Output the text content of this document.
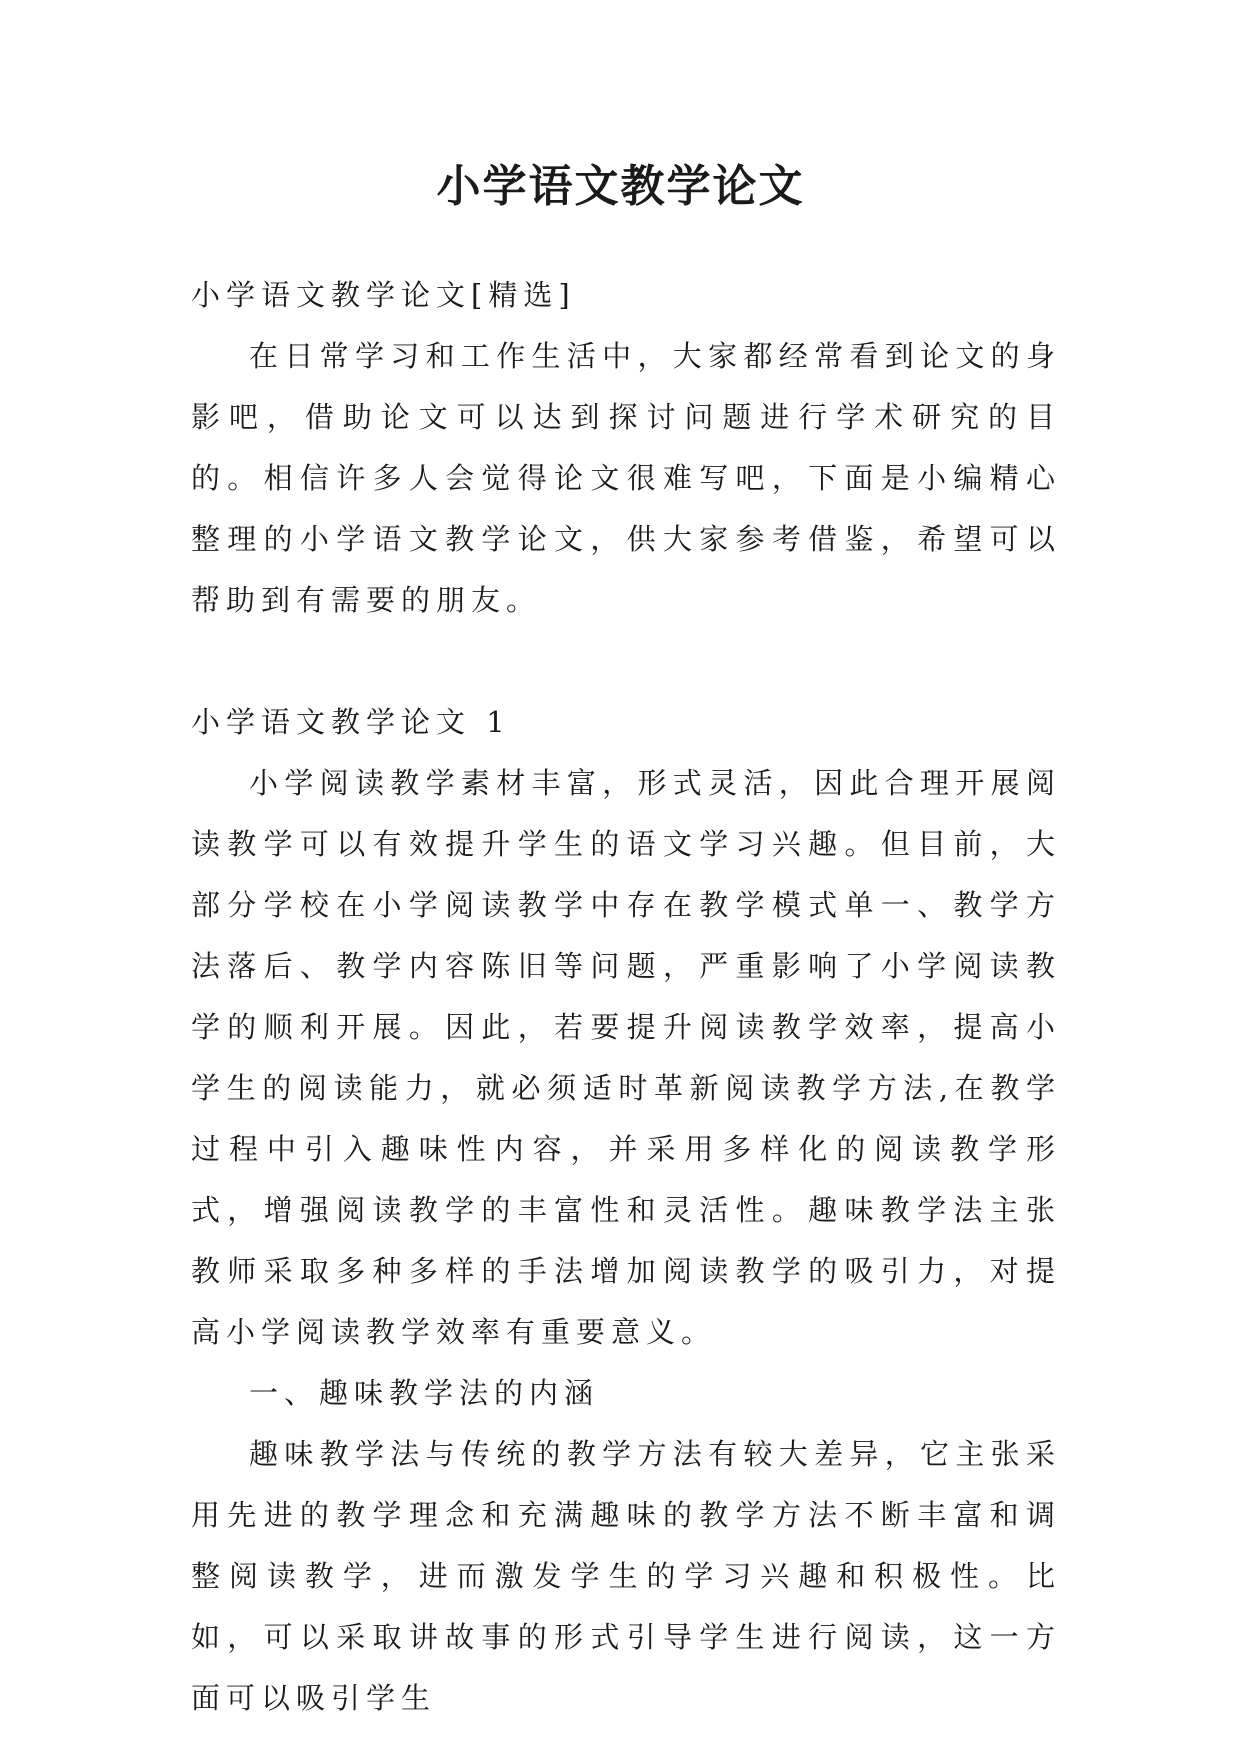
小学语文教学论文

小学语文教学论文[精选]

在日常学习和工作生活中，大家都经常看到论文的身影吧，借助论文可以达到探讨问题进行学术研究的目的。相信许多人会觉得论文很难写吧，下面是小编精心整理的小学语文教学论文，供大家参考借鉴，希望可以帮助到有需要的朋友。

小学语文教学论文 1

小学阅读教学素材丰富，形式灵活，因此合理开展阅读教学可以有效提升学生的语文学习兴趣。但目前，大部分学校在小学阅读教学中存在教学模式单一、教学方法落后、教学内容陈旧等问题，严重影响了小学阅读教学的顺利开展。因此，若要提升阅读教学效率，提高小学生的阅读能力，就必须适时革新阅读教学方法,在教学过程中引入趣味性内容，并采用多样化的阅读教学形式，增强阅读教学的丰富性和灵活性。趣味教学法主张教师采取多种多样的手法增加阅读教学的吸引力，对提高小学阅读教学效率有重要意义。

一、趣味教学法的内涵

趣味教学法与传统的教学方法有较大差异，它主张采用先进的教学理念和充满趣味的教学方法不断丰富和调整阅读教学，进而激发学生的学习兴趣和积极性。比如，可以采取讲故事的形式引导学生进行阅读，这一方面可以吸引学生
